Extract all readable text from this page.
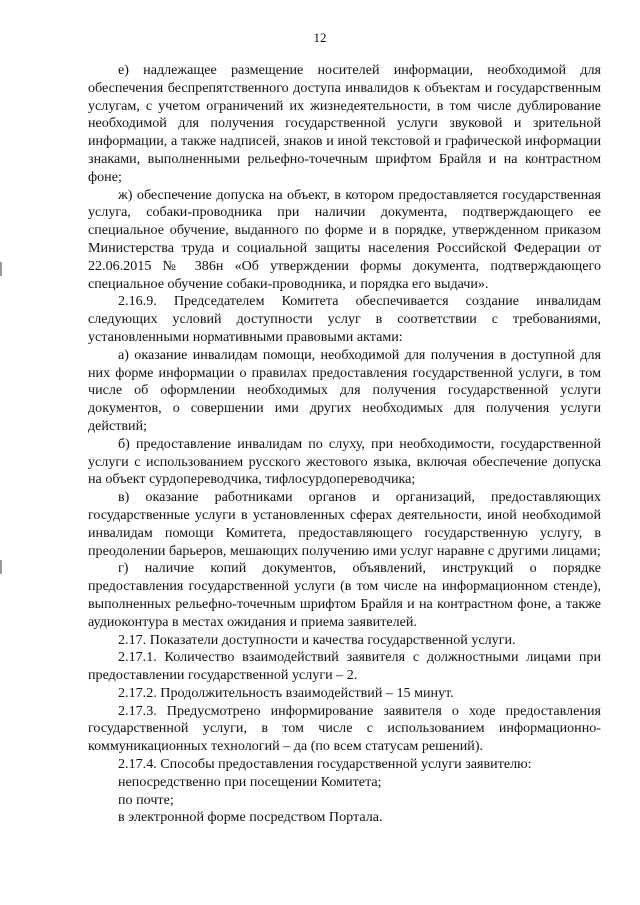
12

е) надлежащее размещение носителей информации, необходимой для обеспечения беспрепятственного доступа инвалидов к объектам и государственным услугам, с учетом ограничений их жизнедеятельности, в том числе дублирование необходимой для получения государственной услуги звуковой и зрительной информации, а также надписей, знаков и иной текстовой и графической информации знаками, выполненными рельефно-точечным шрифтом Брайля и на контрастном фоне;

ж) обеспечение допуска на объект, в котором предоставляется государственная услуга, собаки-проводника при наличии документа, подтверждающего ее специальное обучение, выданного по форме и в порядке, утвержденном приказом Министерства труда и социальной защиты населения Российской Федерации от 22.06.2015 № 386н «Об утверждении формы документа, подтверждающего специальное обучение собаки-проводника, и порядка его выдачи».

2.16.9. Председателем Комитета обеспечивается создание инвалидам следующих условий доступности услуг в соответствии с требованиями, установленными нормативными правовыми актами:

а) оказание инвалидам помощи, необходимой для получения в доступной для них форме информации о правилах предоставления государственной услуги, в том числе об оформлении необходимых для получения государственной услуги документов, о совершении ими других необходимых для получения услуги действий;

б) предоставление инвалидам по слуху, при необходимости, государственной услуги с использованием русского жестового языка, включая обеспечение допуска на объект сурдопереводчика, тифлосурдопереводчика;

в) оказание работниками органов и организаций, предоставляющих государственные услуги в установленных сферах деятельности, иной необходимой инвалидам помощи Комитета, предоставляющего государственную услугу, в преодолении барьеров, мешающих получению ими услуг наравне с другими лицами;

г) наличие копий документов, объявлений, инструкций о порядке предоставления государственной услуги (в том числе на информационном стенде), выполненных рельефно-точечным шрифтом Брайля и на контрастном фоне, а также аудиоконтура в местах ожидания и приема заявителей.

2.17. Показатели доступности и качества государственной услуги.

2.17.1. Количество взаимодействий заявителя с должностными лицами при предоставлении государственной услуги – 2.

2.17.2. Продолжительность взаимодействий – 15 минут.

2.17.3. Предусмотрено информирование заявителя о ходе предоставления государственной услуги, в том числе с использованием информационно-коммуникационных технологий – да (по всем статусам решений).

2.17.4. Способы предоставления государственной услуги заявителю:

непосредственно при посещении Комитета;

по почте;

в электронной форме посредством Портала.
